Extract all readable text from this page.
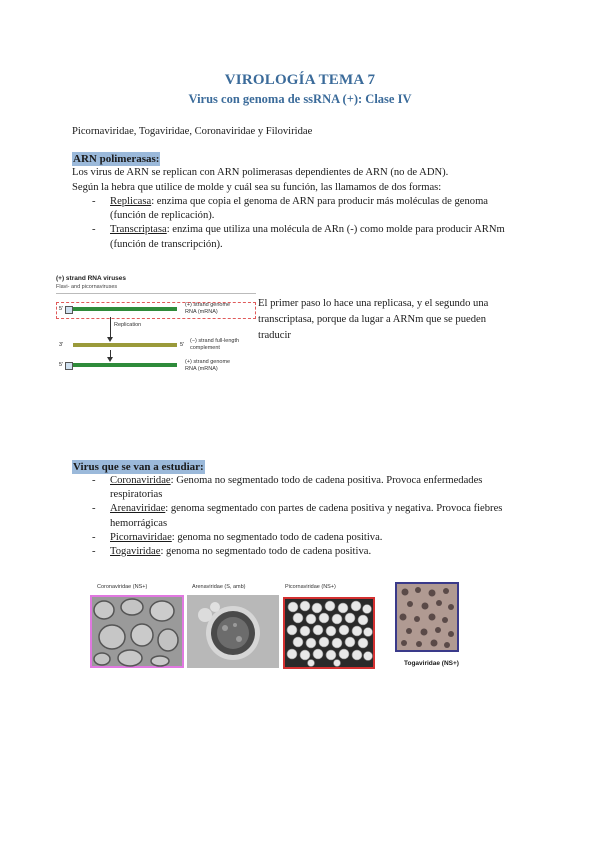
VIROLOGÍA TEMA 7
Virus con genoma de ssRNA (+): Clase IV
Picornaviridae, Togaviridae, Coronaviridae y Filoviridae
ARN polimerasas:
Los virus de ARN se replican con ARN polimerasas dependientes de ARN (no de ADN).
Según la hebra que utilice de molde y cuál sea su función, las llamamos de dos formas:
- Replicasa: enzima que copia el genoma de ARN para producir más moléculas de genoma
(función de replicación).
- Transcriptasa: enzima que utiliza una molécula de ARn (-) como molde para producir ARNm
(función de transcripción).
(+) strand RNA viruses
Flavi- and picornaviruses
5'
(+) strand genome
RNA (mRNA)
Replication
3'	5'
(−) strand full-length
complement
5'	(+) strand genome
RNA (mRNA)
El primer paso lo hace una replicasa, y el segundo una
transcriptasa, porque da lugar a ARNm que se pueden
traducir
Virus que se van a estudiar:
- Coronaviridae: Genoma no segmentado todo de cadena positiva. Provoca enfermedades
respiratorias
- Arenaviridae: genoma segmentado con partes de cadena positiva y negativa. Provoca fiebres
hemorrágicas
- Picornaviridae: genoma no segmentado todo de cadena positiva.
- Togaviridae: genoma no segmentado todo de cadena positiva.
Coronaviridae (NS+)	Arenaviridae (S, amb)	Picornaviridae (NS+)
Togaviridae (NS+)
